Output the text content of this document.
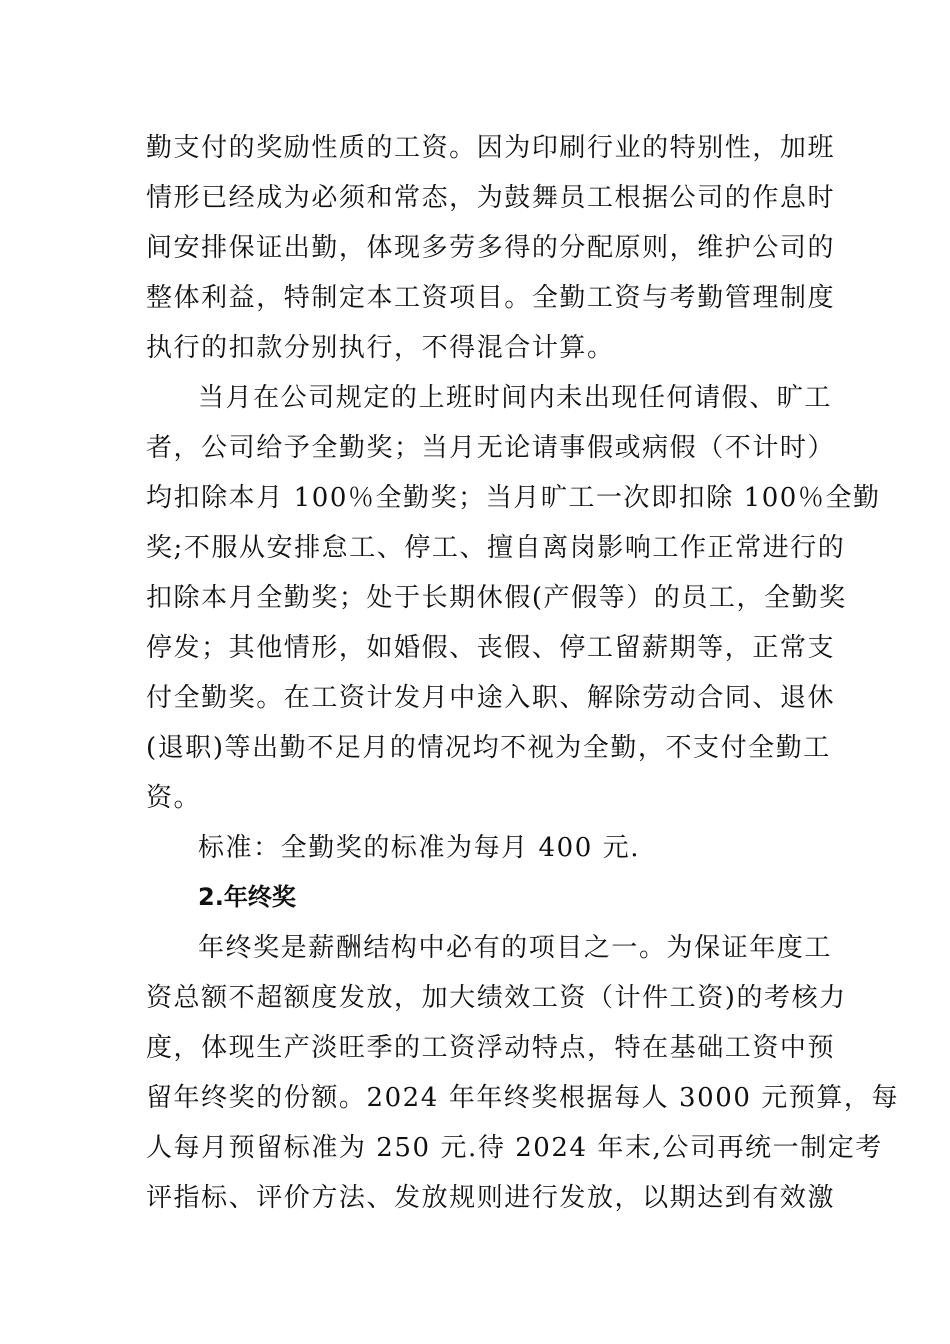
勤支付的奖励性质的工资。因为印刷行业的特别性，加班
情形已经成为必须和常态，为鼓舞员工根据公司的作息时
间安排保证出勤，体现多劳多得的分配原则，维护公司的
整体利益，特制定本工资项目。全勤工资与考勤管理制度
执行的扣款分别执行，不得混合计算。
当月在公司规定的上班时间内未出现任何请假、旷工
者，公司给予全勤奖；当月无论请事假或病假（不计时）
均扣除本月 100％全勤奖；当月旷工一次即扣除 100％全勤
奖;不服从安排怠工、停工、擅自离岗影响工作正常进行的
扣除本月全勤奖；处于长期休假(产假等）的员工，全勤奖
停发；其他情形，如婚假、丧假、停工留薪期等，正常支
付全勤奖。在工资计发月中途入职、解除劳动合同、退休
(退职)等出勤不足月的情况均不视为全勤，不支付全勤工
资。
标准：全勤奖的标准为每月 400 元.
2.年终奖
年终奖是薪酬结构中必有的项目之一。为保证年度工
资总额不超额度发放，加大绩效工资（计件工资)的考核力
度，体现生产淡旺季的工资浮动特点，特在基础工资中预
留年终奖的份额。2024 年年终奖根据每人 3000 元预算，每
人每月预留标准为 250 元.待 2024 年末,公司再统一制定考
评指标、评价方法、发放规则进行发放，以期达到有效激
